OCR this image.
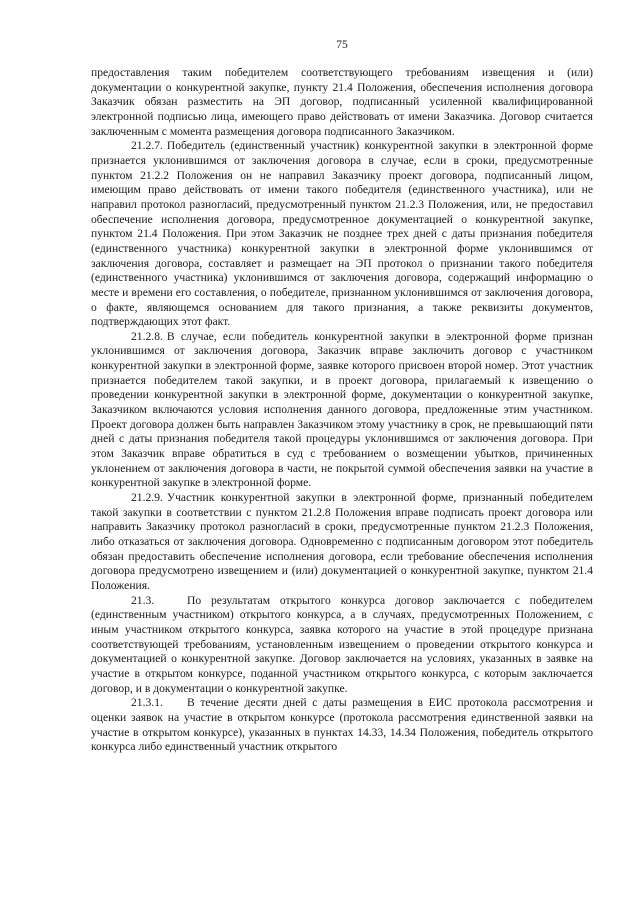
75

предоставления таким победителем соответствующего требованиям извещения и (или) документации о конкурентной закупке, пункту 21.4 Положения, обеспечения исполнения договора Заказчик обязан разместить на ЭП договор, подписанный усиленной квалифицированной электронной подписью лица, имеющего право действовать от имени Заказчика. Договор считается заключенным с момента размещения договора подписанного Заказчиком.

21.2.7. Победитель (единственный участник) конкурентной закупки в электронной форме признается уклонившимся от заключения договора в случае, если в сроки, предусмотренные пунктом 21.2.2 Положения он не направил Заказчику проект договора, подписанный лицом, имеющим право действовать от имени такого победителя (единственного участника), или не направил протокол разногласий, предусмотренный пунктом 21.2.3 Положения, или, не предоставил обеспечение исполнения договора, предусмотренное документацией о конкурентной закупке, пунктом 21.4 Положения. При этом Заказчик не позднее трех дней с даты признания победителя (единственного участника) конкурентной закупки в электронной форме уклонившимся от заключения договора, составляет и размещает на ЭП протокол о признании такого победителя (единственного участника) уклонившимся от заключения договора, содержащий информацию о месте и времени его составления, о победителе, признанном уклонившимся от заключения договора, о факте, являющемся основанием для такого признания, а также реквизиты документов, подтверждающих этот факт.

21.2.8. В случае, если победитель конкурентной закупки в электронной форме признан уклонившимся от заключения договора, Заказчик вправе заключить договор с участником конкурентной закупки в электронной форме, заявке которого присвоен второй номер. Этот участник признается победителем такой закупки, и в проект договора, прилагаемый к извещению о проведении конкурентной закупки в электронной форме, документации о конкурентной закупке, Заказчиком включаются условия исполнения данного договора, предложенные этим участником. Проект договора должен быть направлен Заказчиком этому участнику в срок, не превышающий пяти дней с даты признания победителя такой процедуры уклонившимся от заключения договора. При этом Заказчик вправе обратиться в суд с требованием о возмещении убытков, причиненных уклонением от заключения договора в части, не покрытой суммой обеспечения заявки на участие в конкурентной закупке в электронной форме.

21.2.9. Участник конкурентной закупки в электронной форме, признанный победителем такой закупки в соответствии с пунктом 21.2.8 Положения вправе подписать проект договора или направить Заказчику протокол разногласий в сроки, предусмотренные пунктом 21.2.3 Положения, либо отказаться от заключения договора. Одновременно с подписанным договором этот победитель обязан предоставить обеспечение исполнения договора, если требование обеспечения исполнения договора предусмотрено извещением и (или) документацией о конкурентной закупке, пунктом 21.4 Положения.

21.3.	По результатам открытого конкурса договор заключается с победителем (единственным участником) открытого конкурса, а в случаях, предусмотренных Положением, с иным участником открытого конкурса, заявка которого на участие в этой процедуре признана соответствующей требованиям, установленным извещением о проведении открытого конкурса и документацией о конкурентной закупке. Договор заключается на условиях, указанных в заявке на участие в открытом конкурсе, поданной участником открытого конкурса, с которым заключается договор, и в документации о конкурентной закупке.

21.3.1. В течение десяти дней с даты размещения в ЕИС протокола рассмотрения и оценки заявок на участие в открытом конкурсе (протокола рассмотрения единственной заявки на участие в открытом конкурсе), указанных в пунктах 14.33, 14.34 Положения, победитель открытого конкурса либо единственный участник открытого
